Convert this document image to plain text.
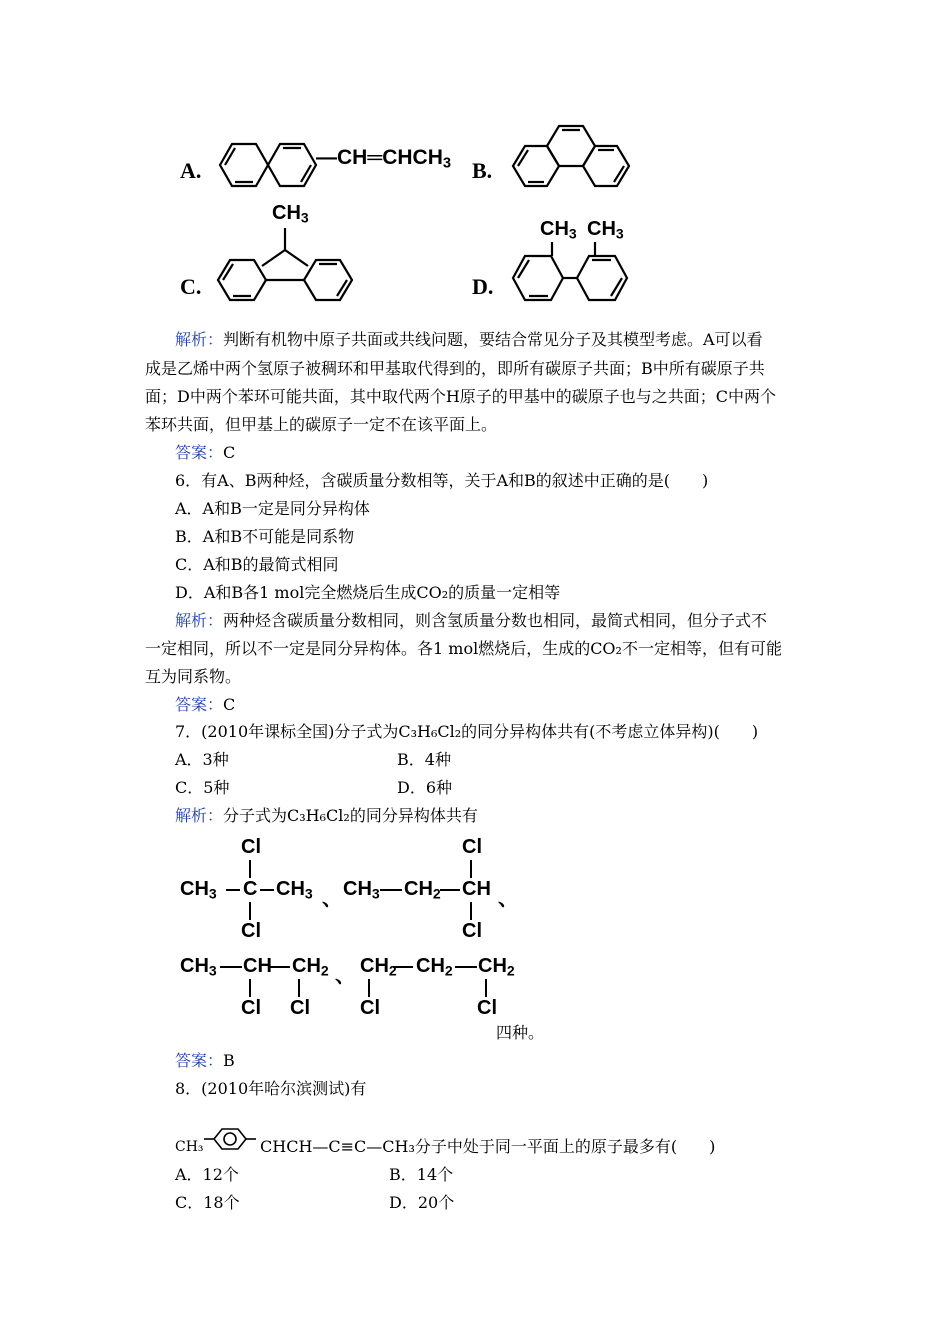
A.
$—CH═CHCH_3$ B.
$CH_3$
C.
$CH_3$ $CH_3$
D.
解析：判断有机物中原子共面或共线问题，要结合常见分子及其模型考虑。A可以看
成是乙烯中两个氢原子被稠环和甲基取代得到的，即所有碳原子共面；B中所有碳原子共
面；D中两个苯环可能共面，其中取代两个H原子的甲基中的碳原子也与之共面；C中两个
苯环共面，但甲基上的碳原子一定不在该平面上。
答案：C
6．有A、B两种烃，含碳质量分数相等，关于A和B的叙述中正确的是(　　)
A．A和B一定是同分异构体
B．A和B不可能是同系物
C．A和B的最简式相同
D．A和B各1 mol完全燃烧后生成CO₂的质量一定相等
解析：两种烃含碳质量分数相同，则含氢质量分数也相同，最简式相同，但分子式不
一定相同，所以不一定是同分异构体。各1 mol燃烧后，生成的CO₂不一定相等，但有可能
互为同系物。
答案：C
7．(2010年课标全国)分子式为C₃H₆Cl₂的同分异构体共有(不考虑立体异构)(　　)
A．3种	B．4种
C．5种	D．6种
解析：分子式为C₃H₆Cl₂的同分异构体共有
Cl
$CH_3$ C $CH_3$
Cl
、
Cl
$CH_3$ $CH_2$ CH
Cl
、
$CH_3$ CH $CH_2$
Cl Cl
、 $CH_2$ $CH_2$ $CH_2$
Cl	Cl
四种。
答案：B
8．(2010年哈尔滨测试)有
CH₃	CHCH—C≡C—CH₃分子中处于同一平面上的原子最多有(　　)
A．12个	B．14个
C．18个	D．20个
